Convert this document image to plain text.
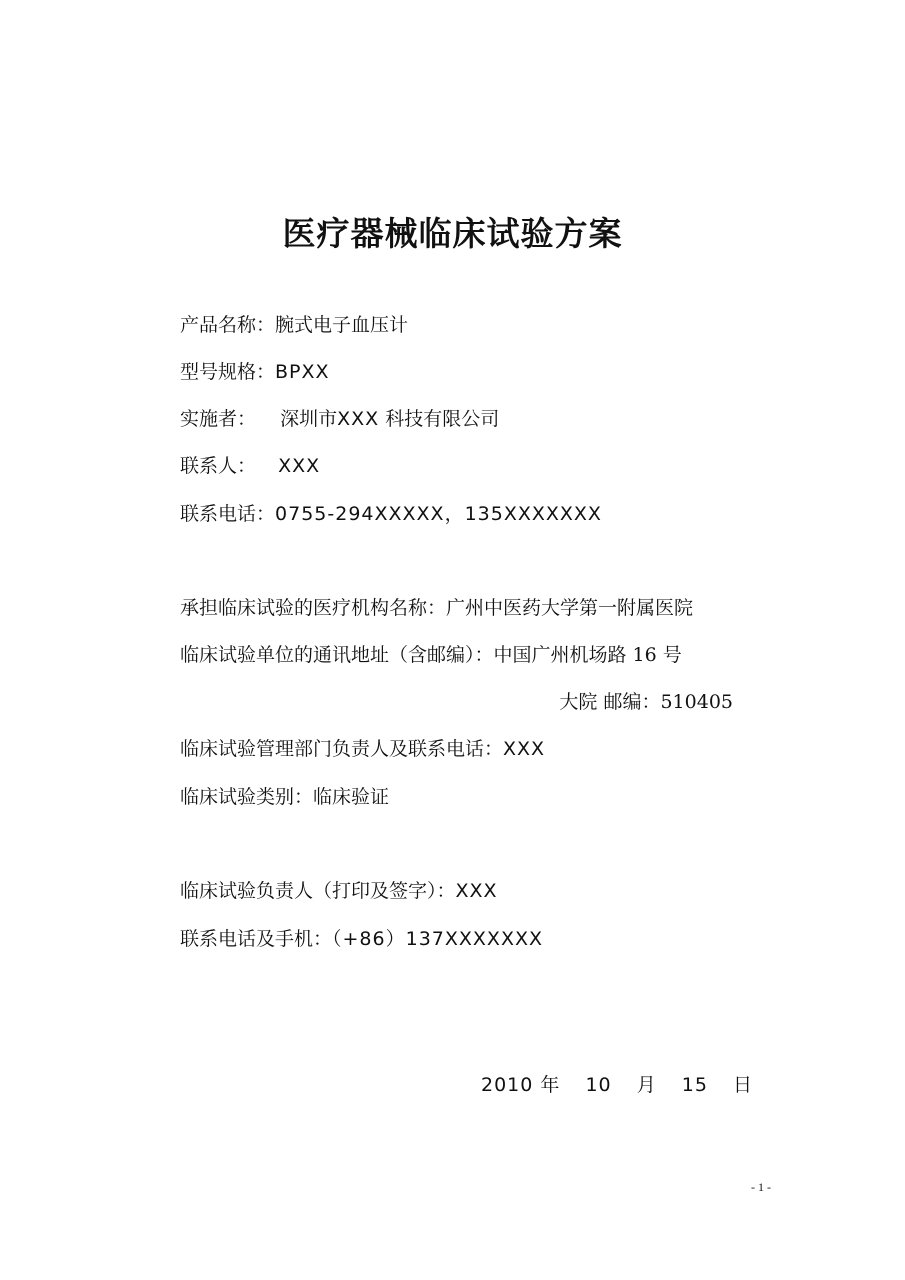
医疗器械临床试验方案
产品名称：腕式电子血压计
型号规格：BPXX
实施者： 深圳市XXX 科技有限公司
联系人： XXX
联系电话：0755-294XXXXX，135XXXXXXX
承担临床试验的医疗机构名称：广州中医药大学第一附属医院
临床试验单位的通讯地址（含邮编）：中国广州机场路 16 号
大院 邮编：510405
临床试验管理部门负责人及联系电话：XXX
临床试验类别：临床验证
临床试验负责人（打印及签字）：XXX
联系电话及手机：（+86）137XXXXXXX
2010 年 10 月 15 日
- 1 -
